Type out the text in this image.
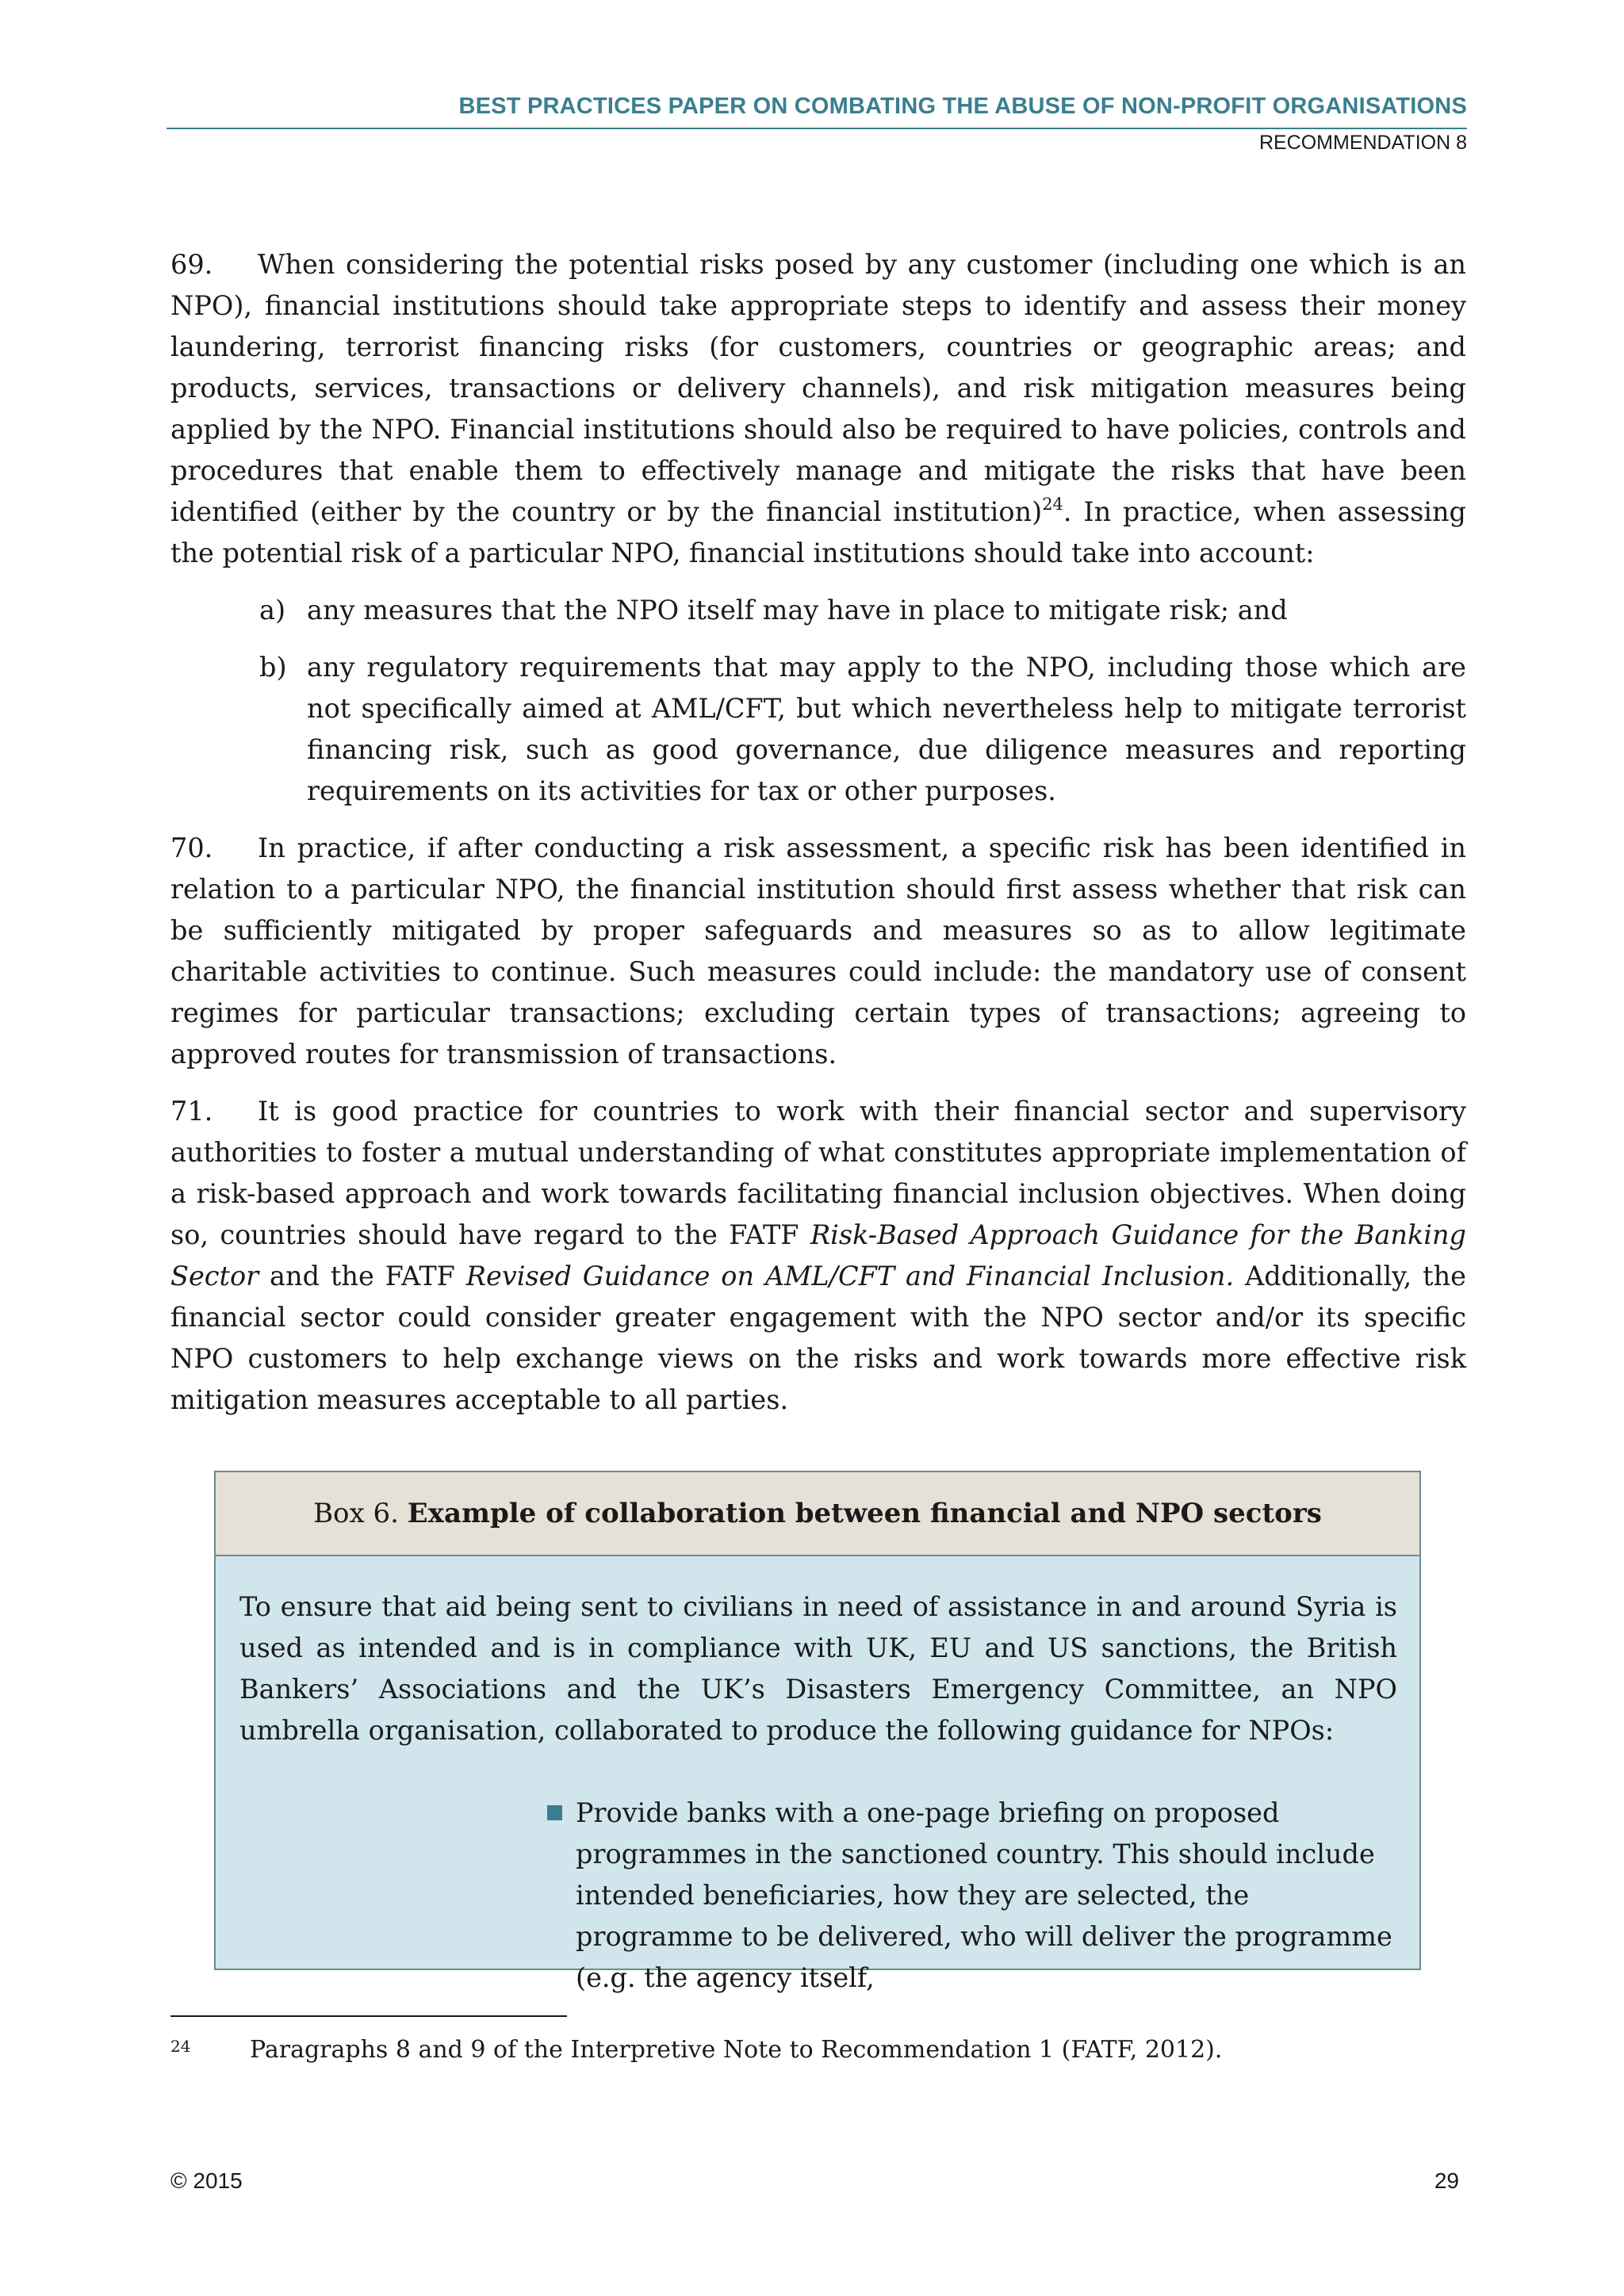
BEST PRACTICES PAPER ON COMBATING THE ABUSE OF NON-PROFIT ORGANISATIONS
RECOMMENDATION 8

69. When considering the potential risks posed by any customer (including one which is an NPO), financial institutions should take appropriate steps to identify and assess their money laundering, terrorist financing risks (for customers, countries or geographic areas; and products, services, transactions or delivery channels), and risk mitigation measures being applied by the NPO. Financial institutions should also be required to have policies, controls and procedures that enable them to effectively manage and mitigate the risks that have been identified (either by the country or by the financial institution)$^{24}$. In practice, when assessing the potential risk of a particular NPO, financial institutions should take into account:

a) any measures that the NPO itself may have in place to mitigate risk; and
b) any regulatory requirements that may apply to the NPO, including those which are not specifically aimed at AML/CFT, but which nevertheless help to mitigate terrorist financing risk, such as good governance, due diligence measures and reporting requirements on its activities for tax or other purposes.

70. In practice, if after conducting a risk assessment, a specific risk has been identified in relation to a particular NPO, the financial institution should first assess whether that risk can be sufficiently mitigated by proper safeguards and measures so as to allow legitimate charitable activities to continue. Such measures could include: the mandatory use of consent regimes for particular transactions; excluding certain types of transactions; agreeing to approved routes for transmission of transactions.

71. It is good practice for countries to work with their financial sector and supervisory authorities to foster a mutual understanding of what constitutes appropriate implementation of a risk-based approach and work towards facilitating financial inclusion objectives. When doing so, countries should have regard to the FATF Risk-Based Approach Guidance for the Banking Sector and the FATF Revised Guidance on AML/CFT and Financial Inclusion. Additionally, the financial sector could consider greater engagement with the NPO sector and/or its specific NPO customers to help exchange views on the risks and work towards more effective risk mitigation measures acceptable to all parties.

Box 6.
Example of collaboration between financial and NPO sectors
To ensure that aid being sent to civilians in need of assistance in and around Syria is used as intended and is in compliance with UK, EU and US sanctions, the British Bankers’ Associations and the UK’s Disasters Emergency Committee, an NPO umbrella organisation, collaborated to produce the following guidance for NPOs:
Provide banks with a one-page briefing on proposed programmes in the sanctioned country. This should include intended beneficiaries, how they are selected, the programme to be delivered, who will deliver the programme (e.g. the agency itself,
24 Paragraphs 8 and 9 of the Interpretive Note to Recommendation 1 (FATF, 2012).
© 2015	29
